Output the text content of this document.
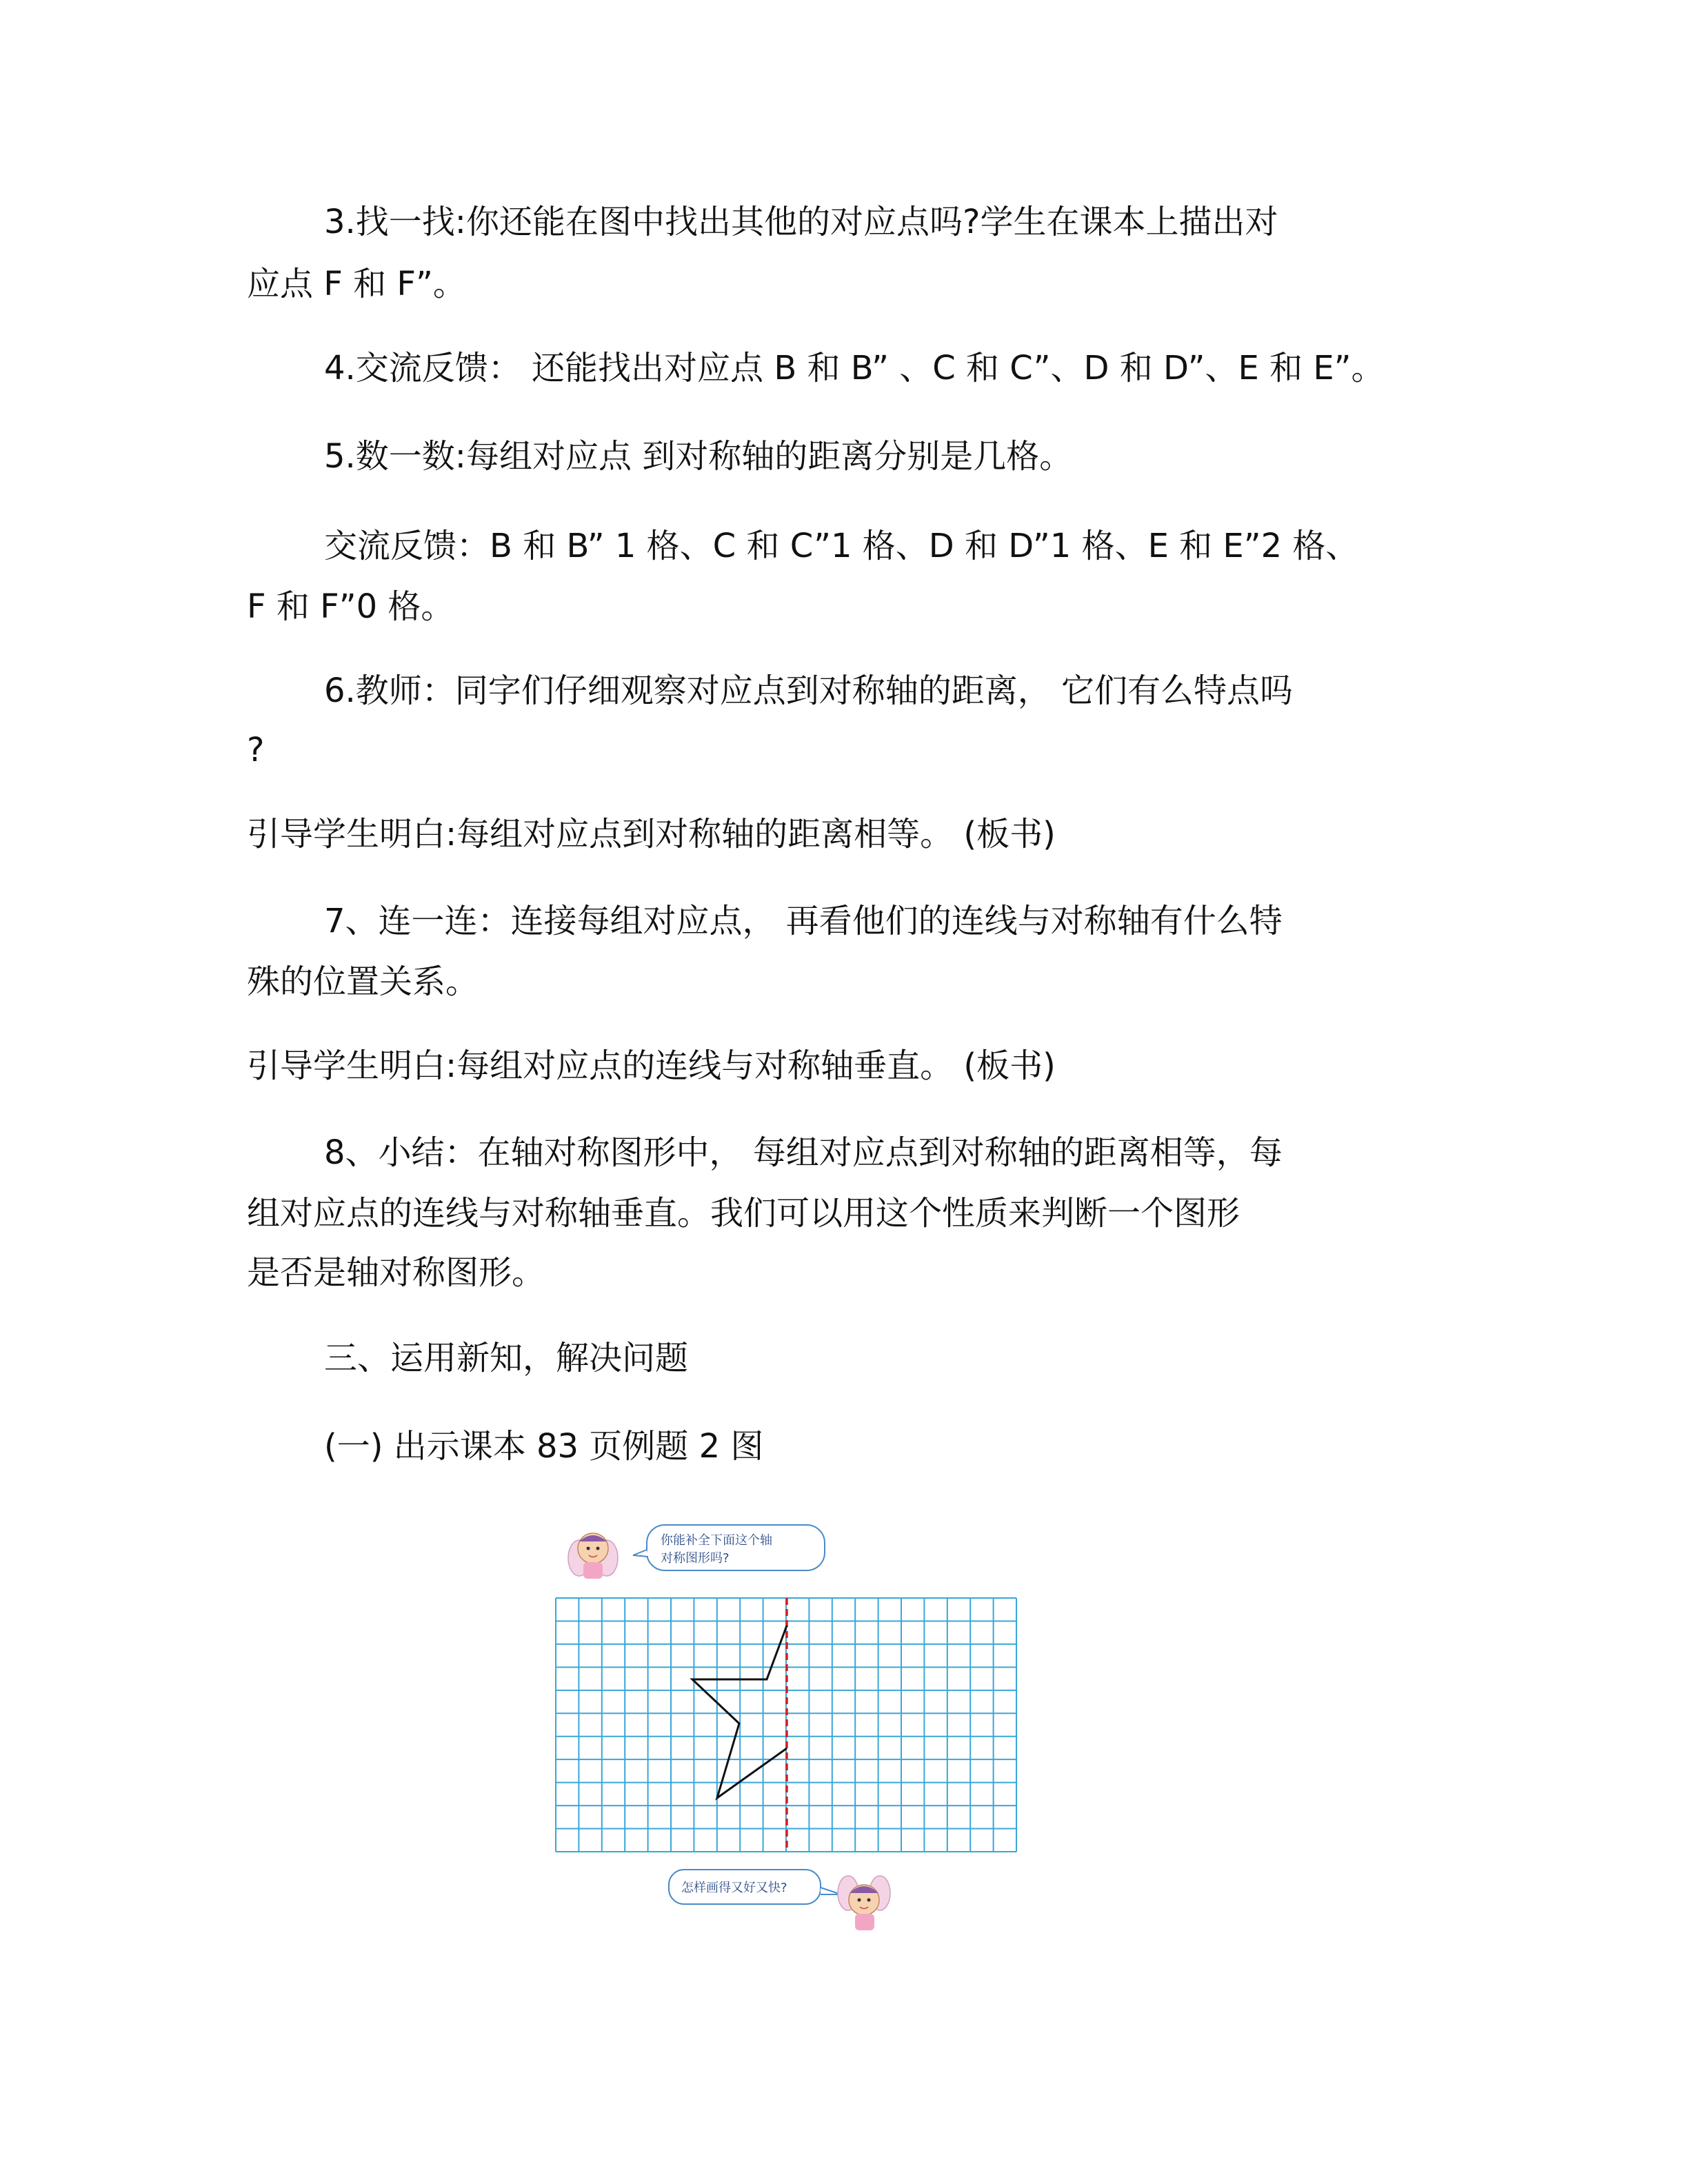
3.找一找:你还能在图中找出其他的对应点吗?学生在课本上描出对
应点 F 和 F”。
4.交流反馈： 还能找出对应点 B 和 B” 、C 和 C”、D 和 D”、E 和 E”。
5.数一数:每组对应点 到对称轴的距离分别是几格。
交流反馈：B 和 B” 1 格、C 和 C”1 格、D 和 D”1 格、E 和 E”2 格、
F 和 F”0 格。
6.教师：同字们仔细观察对应点到对称轴的距离， 它们有么特点吗
?
引导学生明白:每组对应点到对称轴的距离相等。 (板书)
7、连一连：连接每组对应点， 再看他们的连线与对称轴有什么特
殊的位置关系。
引导学生明白:每组对应点的连线与对称轴垂直。 (板书)
8、小结：在轴对称图形中， 每组对应点到对称轴的距离相等，每
组对应点的连线与对称轴垂直。我们可以用这个性质来判断一个图形
是否是轴对称图形。
三、运用新知，解决问题
(一) 出示课本 83 页例题 2 图
你能补全下面这个轴
对称图形吗?
怎样画得又好又快?
